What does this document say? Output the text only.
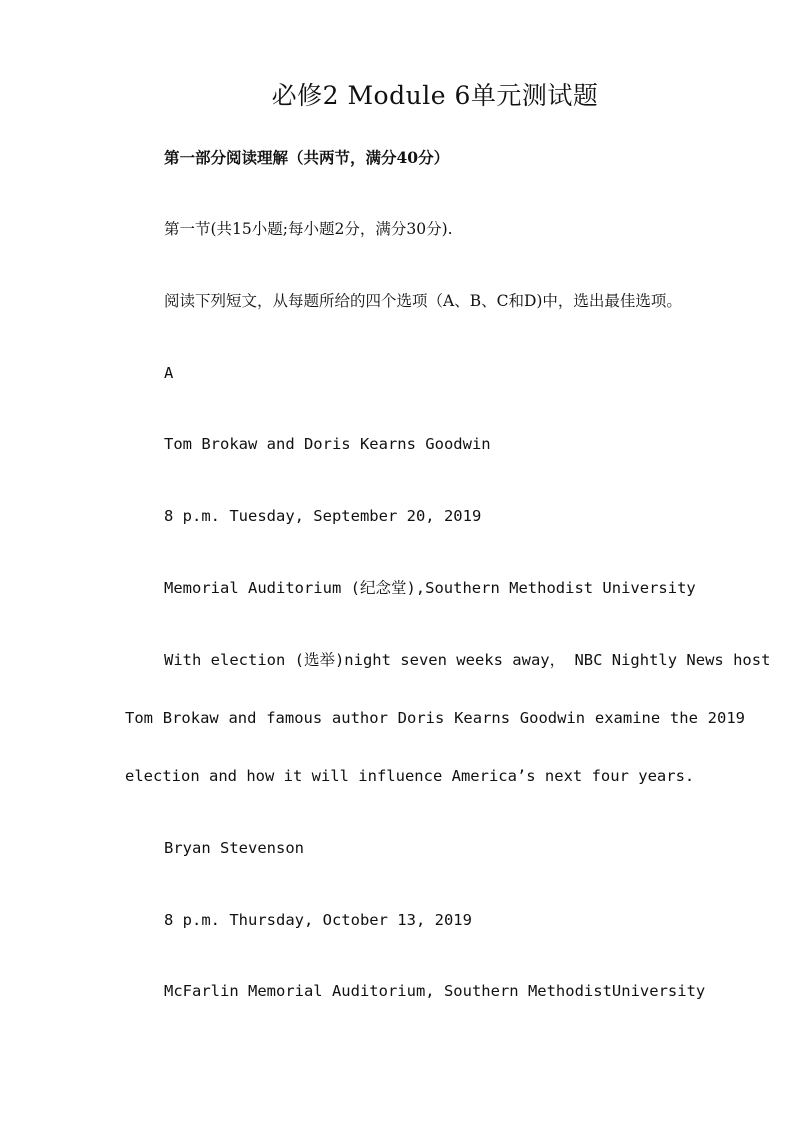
必修2 Module 6单元测试题
第一部分阅读理解（共两节，满分40分）
第一节(共15小题;每小题2分，满分30分).
阅读下列短文，从每题所给的四个选项（A、B、C和D)中，选出最佳选项。
A
Tom Brokaw and Doris Kearns Goodwin
8 p.m. Tuesday, September 20, 2019
Memorial Auditorium (纪念堂),Southern Methodist University
With election (选举)night seven weeks away， NBC Nightly News host
Tom Brokaw and famous author Doris Kearns Goodwin examine the 2019
election and how it will influence America’s next four years.
Bryan Stevenson
8 p.m. Thursday, October 13, 2019
McFarlin Memorial Auditorium, Southern MethodistUniversity
